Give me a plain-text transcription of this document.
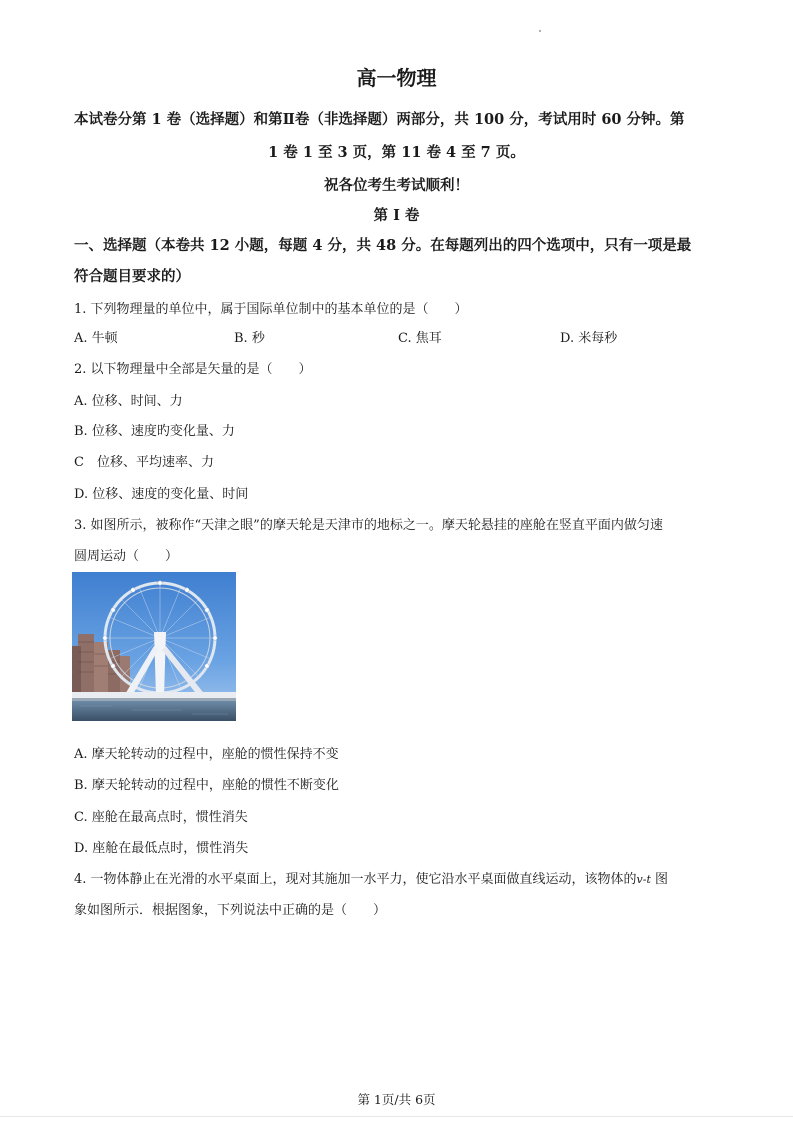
高一物理
本试卷分第 1 卷（选择题）和第Ⅱ卷（非选择题）两部分，共 100 分，考试用时 60 分钟。第
1 卷 1 至 3 页，第 11 卷 4 至 7 页。
祝各位考生考试顺利！
第 I 卷
一、选择题（本卷共 12 小题，每题 4 分，共 48 分。在每题列出的四个选项中，只有一项是最
符合题目要求的）
1. 下列物理量的单位中，属于国际单位制中的基本单位的是（　　）
A. 牛顿	B. 秒	C. 焦耳	D. 米每秒
2. 以下物理量中全部是矢量的是（　　）
A. 位移、时间、力
B. 位移、速度旳变化量、力
C　位移、平均速率、力
D. 位移、速度的变化量、时间
3. 如图所示，被称作“天津之眼”的摩天轮是天津市的地标之一。摩天轮悬挂的座舱在竖直平面内做匀速
圆周运动（　　）
A. 摩天轮转动的过程中，座舱的惯性保持不变
B. 摩天轮转动的过程中，座舱的惯性不断变化
C. 座舱在最高点时，惯性消失
D. 座舱在最低点时，惯性消失
4. 一物体静止在光滑的水平桌面上，现对其施加一水平力，使它沿水平桌面做直线运动，该物体的v-t 图
象如图所示．根据图象，下列说法中正确的是（　　）
第 1页/共 6页
